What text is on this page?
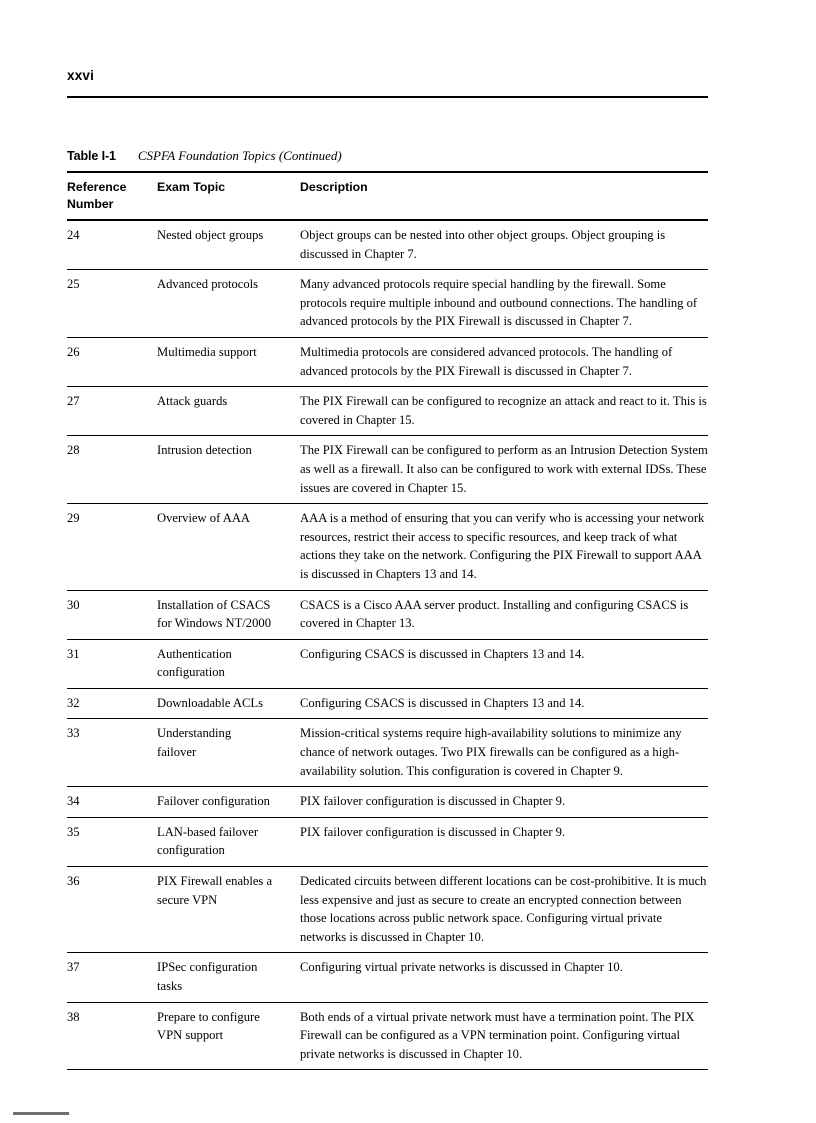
xxvi
Table I-1 CSPFA Foundation Topics (Continued)
Reference
Number	Exam Topic	Description
24	Nested object groups	Object groups can be nested into other object groups. Object grouping is discussed in Chapter 7.
25	Advanced protocols	Many advanced protocols require special handling by the firewall. Some protocols require multiple inbound and outbound connections. The handling of advanced protocols by the PIX Firewall is discussed in Chapter 7.
26	Multimedia support	Multimedia protocols are considered advanced protocols. The handling of advanced protocols by the PIX Firewall is discussed in Chapter 7.
27	Attack guards	The PIX Firewall can be configured to recognize an attack and react to it. This is covered in Chapter 15.
28	Intrusion detection	The PIX Firewall can be configured to perform as an Intrusion Detection System as well as a firewall. It also can be configured to work with external IDSs. These issues are covered in Chapter 15.
29	Overview of AAA	AAA is a method of ensuring that you can verify who is accessing your network resources, restrict their access to specific resources, and keep track of what actions they take on the network. Configuring the PIX Firewall to support AAA is discussed in Chapters 13 and 14.
30	Installation of CSACS
for Windows NT/2000	CSACS is a Cisco AAA server product. Installing and configuring CSACS is covered in Chapter 13.
31	Authentication
configuration	Configuring CSACS is discussed in Chapters 13 and 14.
32	Downloadable ACLs	Configuring CSACS is discussed in Chapters 13 and 14.
33	Understanding
failover	Mission-critical systems require high-availability solutions to minimize any chance of network outages. Two PIX firewalls can be configured as a high-availability solution. This configuration is covered in Chapter 9.
34	Failover configuration	PIX failover configuration is discussed in Chapter 9.
35	LAN-based failover
configuration	PIX failover configuration is discussed in Chapter 9.
36	PIX Firewall enables a
secure VPN	Dedicated circuits between different locations can be cost-prohibitive. It is much less expensive and just as secure to create an encrypted connection between those locations across public network space. Configuring virtual private networks is discussed in Chapter 10.
37	IPSec configuration
tasks	Configuring virtual private networks is discussed in Chapter 10.
38	Prepare to configure
VPN support	Both ends of a virtual private network must have a termination point. The PIX Firewall can be configured as a VPN termination point. Configuring virtual private networks is discussed in Chapter 10.
